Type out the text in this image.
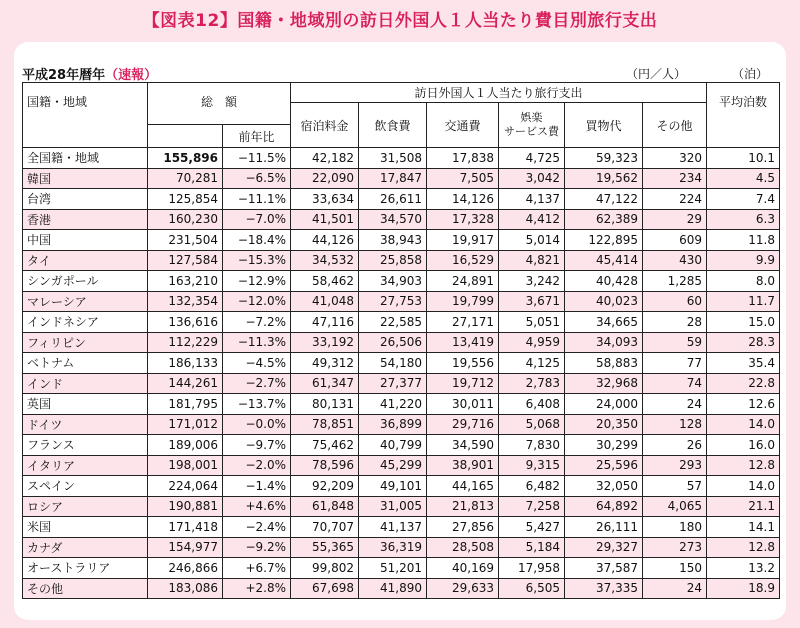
【図表12】国籍・地域別の訪日外国人１人当たり費目別旅行支出
平成28年暦年（速報）	（円／人）	（泊）
国籍・地域	総　額		訪日外国人１人当たり旅行支出						平均泊数
			宿泊料金	飲食費	交通費	娯楽
サービス費	買物代	その他	
		前年比							
全国籍・地域	155,896	−11.5%	42,182	31,508	17,838	4,725	59,323	320	10.1
韓国	70,281	−6.5%	22,090	17,847	7,505	3,042	19,562	234	4.5
台湾	125,854	−11.1%	33,634	26,611	14,126	4,137	47,122	224	7.4
香港	160,230	−7.0%	41,501	34,570	17,328	4,412	62,389	29	6.3
中国	231,504	−18.4%	44,126	38,943	19,917	5,014	122,895	609	11.8
タイ	127,584	−15.3%	34,532	25,858	16,529	4,821	45,414	430	9.9
シンガポール	163,210	−12.9%	58,462	34,903	24,891	3,242	40,428	1,285	8.0
マレーシア	132,354	−12.0%	41,048	27,753	19,799	3,671	40,023	60	11.7
インドネシア	136,616	−7.2%	47,116	22,585	27,171	5,051	34,665	28	15.0
フィリピン	112,229	−11.3%	33,192	26,506	13,419	4,959	34,093	59	28.3
ベトナム	186,133	−4.5%	49,312	54,180	19,556	4,125	58,883	77	35.4
インド	144,261	−2.7%	61,347	27,377	19,712	2,783	32,968	74	22.8
英国	181,795	−13.7%	80,131	41,220	30,011	6,408	24,000	24	12.6
ドイツ	171,012	−0.0%	78,851	36,899	29,716	5,068	20,350	128	14.0
フランス	189,006	−9.7%	75,462	40,799	34,590	7,830	30,299	26	16.0
イタリア	198,001	−2.0%	78,596	45,299	38,901	9,315	25,596	293	12.8
スペイン	224,064	−1.4%	92,209	49,101	44,165	6,482	32,050	57	14.0
ロシア	190,881	+4.6%	61,848	31,005	21,813	7,258	64,892	4,065	21.1
米国	171,418	−2.4%	70,707	41,137	27,856	5,427	26,111	180	14.1
カナダ	154,977	−9.2%	55,365	36,319	28,508	5,184	29,327	273	12.8
オーストラリア	246,866	+6.7%	99,802	51,201	40,169	17,958	37,587	150	13.2
その他	183,086	+2.8%	67,698	41,890	29,633	6,505	37,335	24	18.9
